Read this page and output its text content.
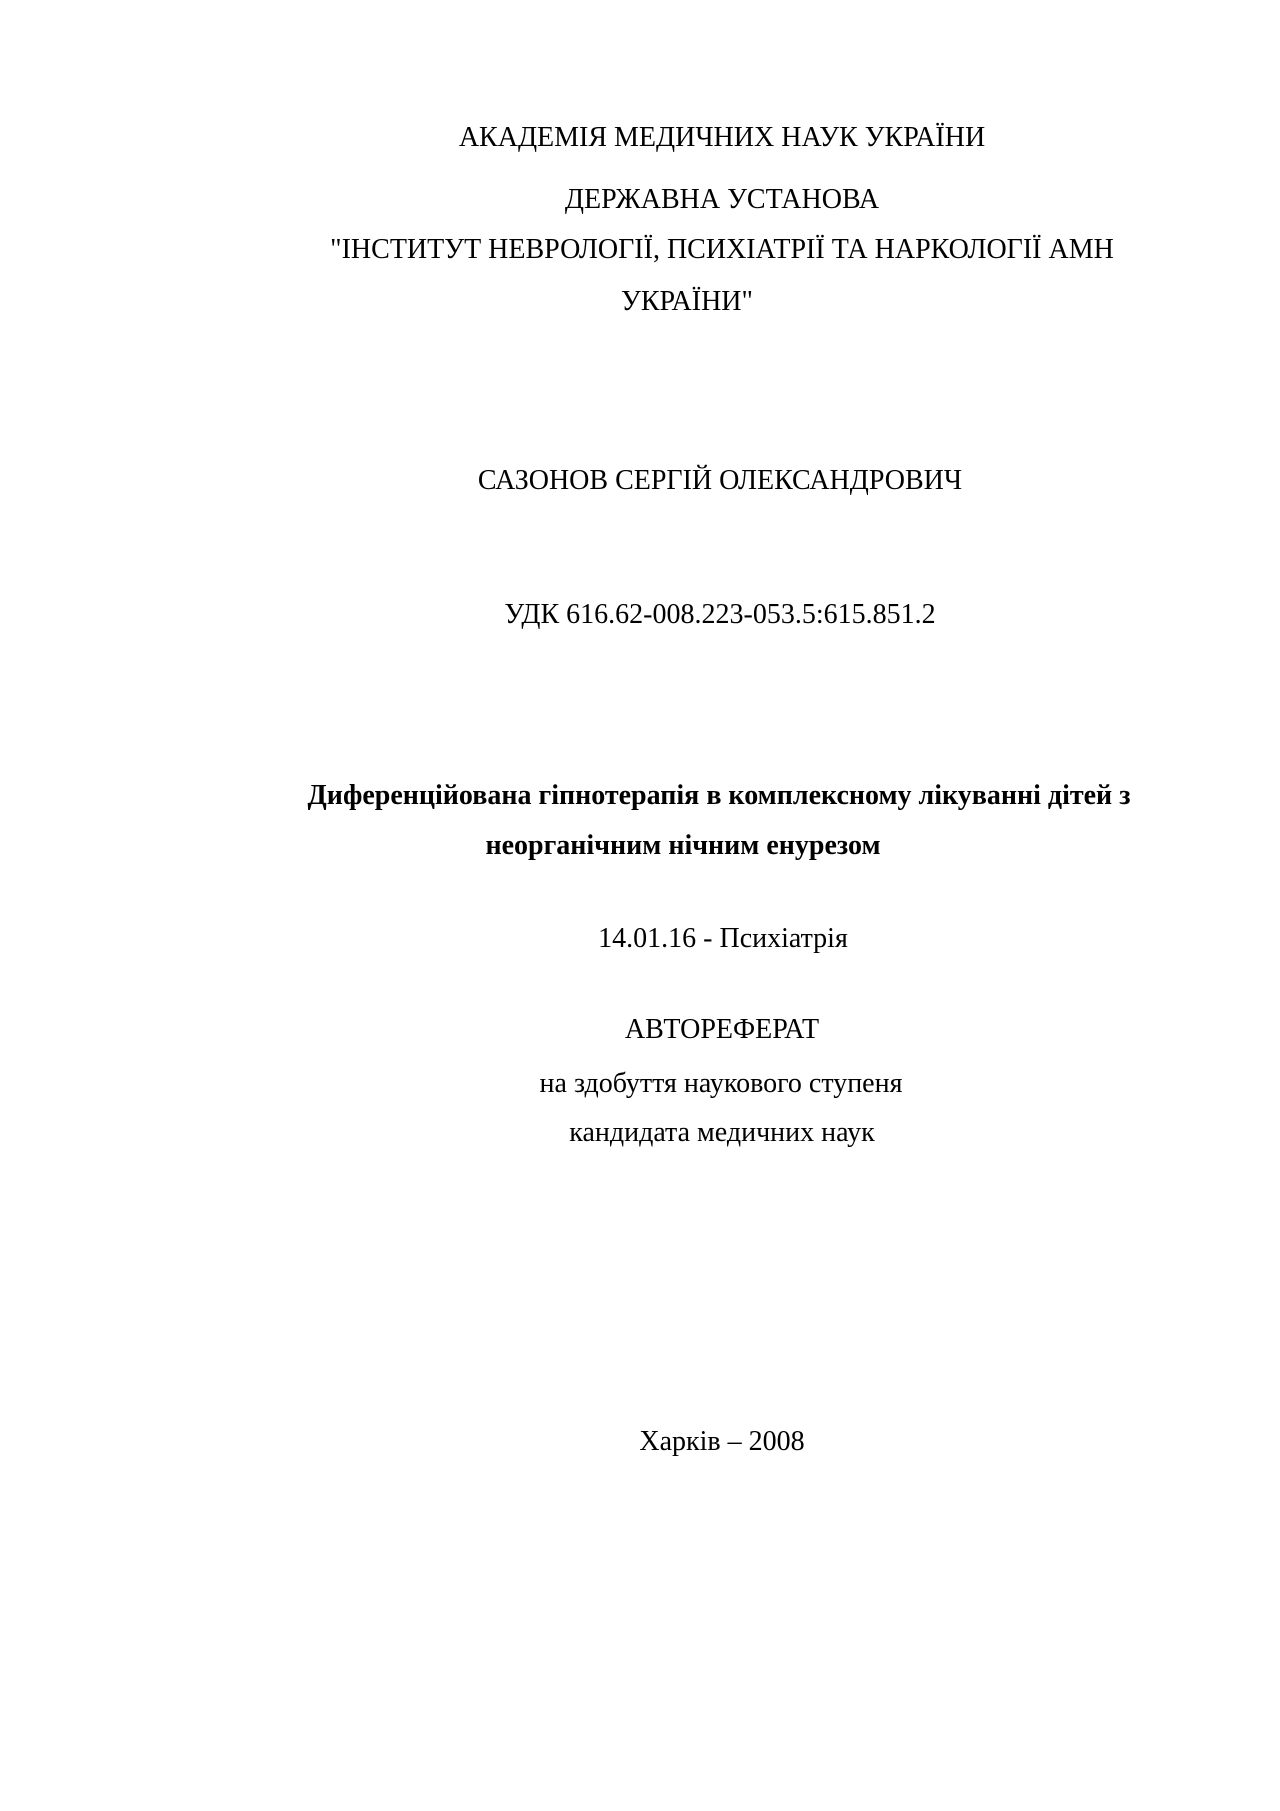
АКАДЕМІЯ МЕДИЧНИХ НАУК УКРАЇНИ
ДЕРЖАВНА УСТАНОВА
"ІНСТИТУТ НЕВРОЛОГІЇ, ПСИХІАТРІЇ ТА НАРКОЛОГІЇ АМН
УКРАЇНИ"
САЗОНОВ СЕРГІЙ ОЛЕКСАНДРОВИЧ
УДК 616.62-008.223-053.5:615.851.2
Диференційована гіпнотерапія в комплексному лікуванні дітей з
неорганічним нічним енурезом
14.01.16 - Психіатрія
АВТОРЕФЕРАТ
на здобуття наукового ступеня
кандидата медичних наук
Харків – 2008
